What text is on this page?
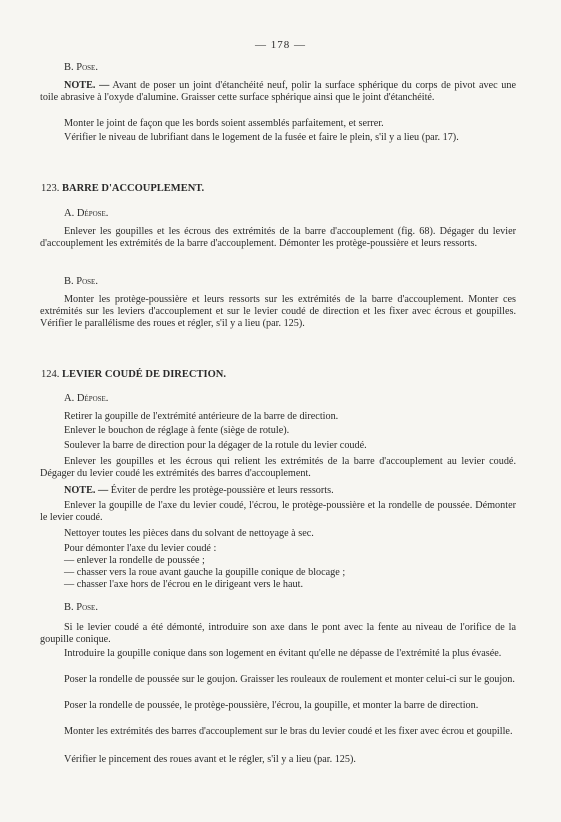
— 178 —
B. Pose.

NOTE. — Avant de poser un joint d'étanchéité neuf, polir la surface sphérique du corps de pivot avec une toile abrasive à l'oxyde d'alumine. Graisser cette surface sphérique ainsi que le joint d'étanchéité.

Monter le joint de façon que les bords soient assemblés parfaitement, et serrer.

Vérifier le niveau de lubrifiant dans le logement de la fusée et faire le plein, s'il y a lieu (par. 17).

123. BARRE D'ACCOUPLEMENT.
A. Dépose.

Enlever les goupilles et les écrous des extrémités de la barre d'accouplement (fig. 68). Dégager du levier d'accouplement les extrémités de la barre d'accouplement. Démonter les protège-poussière et leurs ressorts.

B. Pose.

Monter les protège-poussière et leurs ressorts sur les extrémités de la barre d'accouplement. Monter ces extrémités sur les leviers d'accouplement et sur le levier coudé de direction et les fixer avec écrous et goupilles. Vérifier le parallélisme des roues et régler, s'il y a lieu (par. 125).

124. LEVIER COUDÉ DE DIRECTION.
A. Dépose.

Retirer la goupille de l'extrémité antérieure de la barre de direction.

Enlever le bouchon de réglage à fente (siège de rotule).

Soulever la barre de direction pour la dégager de la rotule du levier coudé.

Enlever les goupilles et les écrous qui relient les extrémités de la barre d'accouplement au levier coudé. Dégager du levier coudé les extrémités des barres d'accouplement.

NOTE. — Éviter de perdre les protège-poussière et leurs ressorts.

Enlever la goupille de l'axe du levier coudé, l'écrou, le protège-poussière et la rondelle de poussée. Démonter le levier coudé.

Nettoyer toutes les pièces dans du solvant de nettoyage à sec.

Pour démonter l'axe du levier coudé :

— enlever la rondelle de poussée ;
— chasser vers la roue avant gauche la goupille conique de blocage ;
— chasser l'axe hors de l'écrou en le dirigeant vers le haut.
B. Pose.

Si le levier coudé a été démonté, introduire son axe dans le pont avec la fente au niveau de l'orifice de la goupille conique.

Introduire la goupille conique dans son logement en évitant qu'elle ne dépasse de l'extrémité la plus évasée.

Poser la rondelle de poussée sur le goujon. Graisser les rouleaux de roulement et monter celui-ci sur le goujon.

Poser la rondelle de poussée, le protège-poussière, l'écrou, la goupille, et monter la barre de direction.

Monter les extrémités des barres d'accouplement sur le bras du levier coudé et les fixer avec écrou et goupille.

Vérifier le pincement des roues avant et le régler, s'il y a lieu (par. 125).
